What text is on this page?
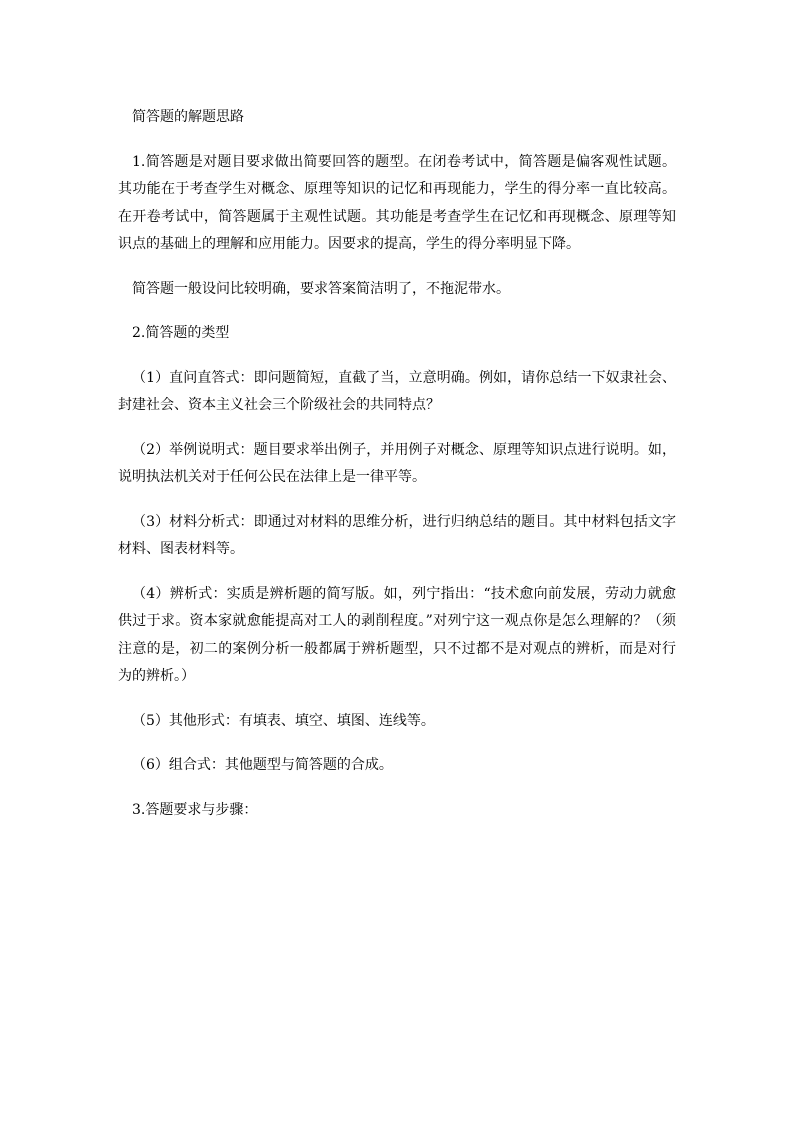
简答题的解题思路

1.简答题是对题目要求做出简要回答的题型。在闭卷考试中，简答题是偏客观性试题。其功能在于考查学生对概念、原理等知识的记忆和再现能力，学生的得分率一直比较高。在开卷考试中，简答题属于主观性试题。其功能是考查学生在记忆和再现概念、原理等知识点的基础上的理解和应用能力。因要求的提高，学生的得分率明显下降。

简答题一般设问比较明确，要求答案简洁明了，不拖泥带水。

2.简答题的类型

（1）直问直答式：即问题简短，直截了当，立意明确。例如，请你总结一下奴隶社会、封建社会、资本主义社会三个阶级社会的共同特点？

（2）举例说明式：题目要求举出例子，并用例子对概念、原理等知识点进行说明。如，说明执法机关对于任何公民在法律上是一律平等。

（3）材料分析式：即通过对材料的思维分析，进行归纳总结的题目。其中材料包括文字材料、图表材料等。

（4）辨析式：实质是辨析题的简写版。如，列宁指出：“技术愈向前发展，劳动力就愈供过于求。资本家就愈能提高对工人的剥削程度。”对列宁这一观点你是怎么理解的？（须注意的是，初二的案例分析一般都属于辨析题型，只不过都不是对观点的辨析，而是对行为的辨析。）

（5）其他形式：有填表、填空、填图、连线等。

（6）组合式：其他题型与简答题的合成。

3.答题要求与步骤：
